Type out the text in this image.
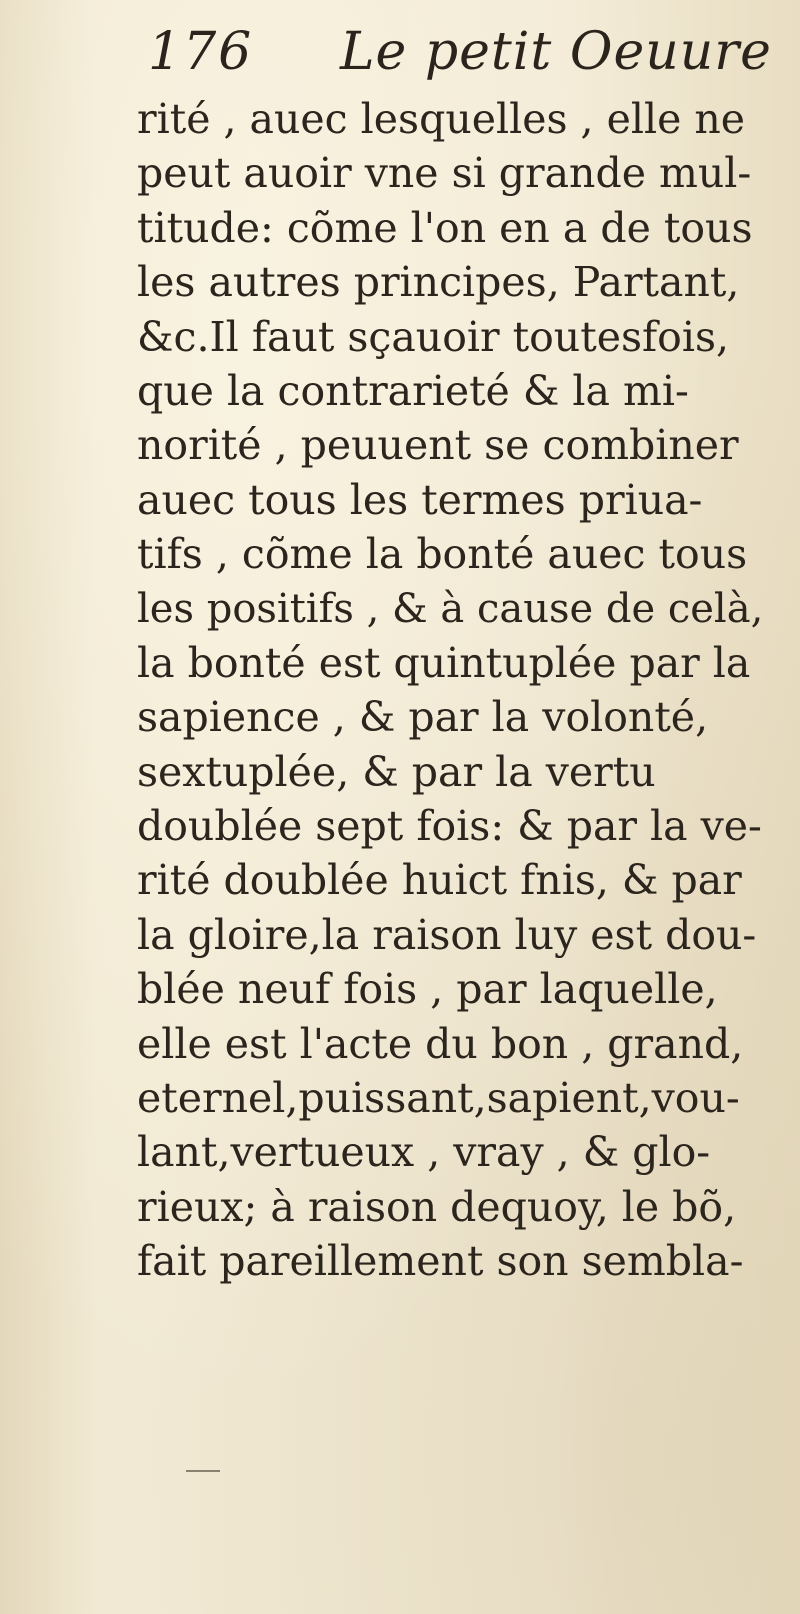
176 Le petit Oeuure
rité , auec lesquelles , elle ne
peut auoir vne si grande mul-
titude: cõme l'on en a de tous
les autres principes, Partant,
&c.Il faut sçauoir toutesfois,
que la contrarieté & la mi-
norité , peuuent se combiner
auec tous les termes priua-
tifs , cõme la bonté auec tous
les positifs , & à cause de celà,
la bonté est quintuplée par la
sapience , & par la volonté,
sextuplée, & par la vertu
doublée sept fois: & par la ve-
rité doublée huict fnis, & par
la gloire,la raison luy est dou-
blée neuf fois , par laquelle,
elle est l'acte du bon , grand,
eternel,puissant,sapient,vou-
lant,vertueux , vray , & glo-
rieux; à raison dequoy, le bõ,
fait pareillement son sembla-
